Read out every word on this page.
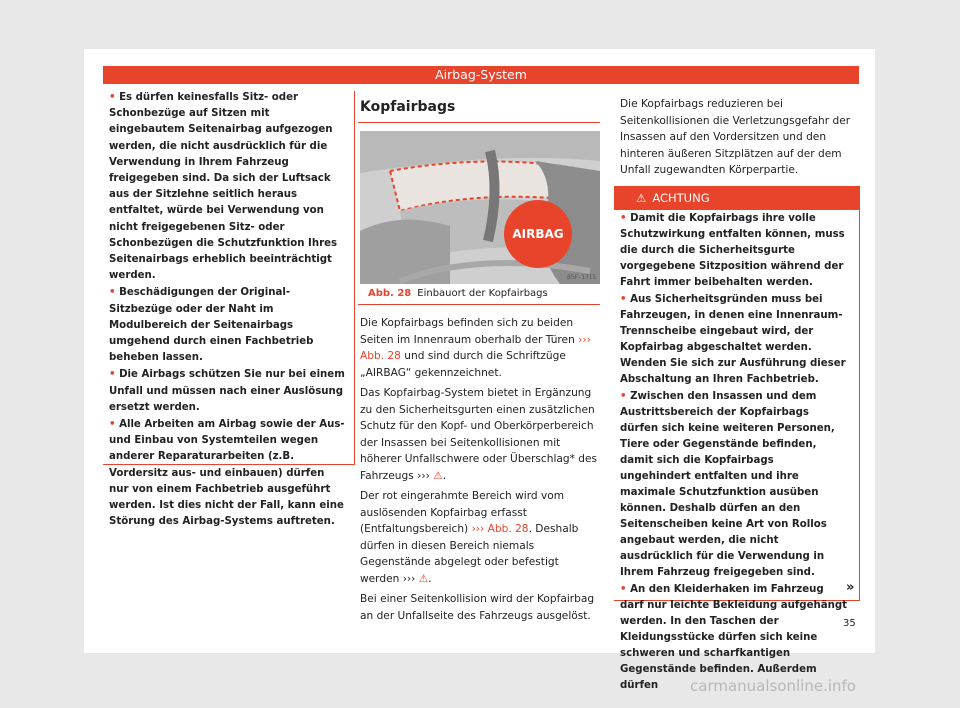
Airbag-System

• Es dürfen keinesfalls Sitz- oder Schonbezüge auf Sitzen mit eingebautem Seitenairbag aufgezogen werden, die nicht ausdrücklich für die Verwendung in Ihrem Fahrzeug freigegeben sind. Da sich der Luftsack aus der Sitzlehne seitlich heraus entfaltet, würde bei Verwendung von nicht freigegebenen Sitz- oder Schonbezügen die Schutzfunktion Ihres Seitenairbags erheblich beeinträchtigt werden.

• Beschädigungen der Original-Sitzbezüge oder der Naht im Modulbereich der Seitenairbags umgehend durch einen Fachbetrieb beheben lassen.

• Die Airbags schützen Sie nur bei einem Unfall und müssen nach einer Auslösung ersetzt werden.

• Alle Arbeiten am Airbag sowie der Aus- und Einbau von Systemteilen wegen anderer Reparaturarbeiten (z.B. Vordersitz aus- und einbauen) dürfen nur von einem Fachbetrieb ausgeführt werden. Ist dies nicht der Fall, kann eine Störung des Airbag-Systems auftreten.

Kopfairbags
AIRBAG
B5F-1715
Abb. 28 Einbauort der Kopfairbags

Die Kopfairbags befinden sich zu beiden Seiten im Innenraum oberhalb der Türen ››› Abb. 28 und sind durch die Schriftzüge „AIRBAG“ gekennzeichnet.

Das Kopfairbag-System bietet in Ergänzung zu den Sicherheitsgurten einen zusätzlichen Schutz für den Kopf- und Oberkörperbereich der Insassen bei Seitenkollisionen mit höherer Unfallschwere oder Überschlag* des Fahrzeugs ››› ⚠.

Der rot eingerahmte Bereich wird vom auslösenden Kopfairbag erfasst (Entfaltungsbereich) ››› Abb. 28. Deshalb dürfen in diesen Bereich niemals Gegenstände abgelegt oder befestigt werden ››› ⚠.

Bei einer Seitenkollision wird der Kopfairbag an der Unfallseite des Fahrzeugs ausgelöst.

Die Kopfairbags reduzieren bei Seitenkollisionen die Verletzungsgefahr der Insassen auf den Vordersitzen und den hinteren äußeren Sitzplätzen auf der dem Unfall zugewandten Körperpartie.
⚠ ACHTUNG

• Damit die Kopfairbags ihre volle Schutzwirkung entfalten können, muss die durch die Sicherheitsgurte vorgegebene Sitzposition während der Fahrt immer beibehalten werden.

• Aus Sicherheitsgründen muss bei Fahrzeugen, in denen eine Innenraum-Trennscheibe eingebaut wird, der Kopfairbag abgeschaltet werden. Wenden Sie sich zur Ausführung dieser Abschaltung an Ihren Fachbetrieb.

• Zwischen den Insassen und dem Austrittsbereich der Kopfairbags dürfen sich keine weiteren Personen, Tiere oder Gegenstände befinden, damit sich die Kopfairbags ungehindert entfalten und ihre maximale Schutzfunktion ausüben können. Deshalb dürfen an den Seitenscheiben keine Art von Rollos angebaut werden, die nicht ausdrücklich für die Verwendung in Ihrem Fahrzeug freigegeben sind.

• An den Kleiderhaken im Fahrzeug darf nur leichte Bekleidung aufgehängt werden. In den Taschen der Kleidungsstücke dürfen sich keine schweren und scharfkantigen Gegenstände befinden. Außerdem dürfen

»
35
carmanualsonline.info
